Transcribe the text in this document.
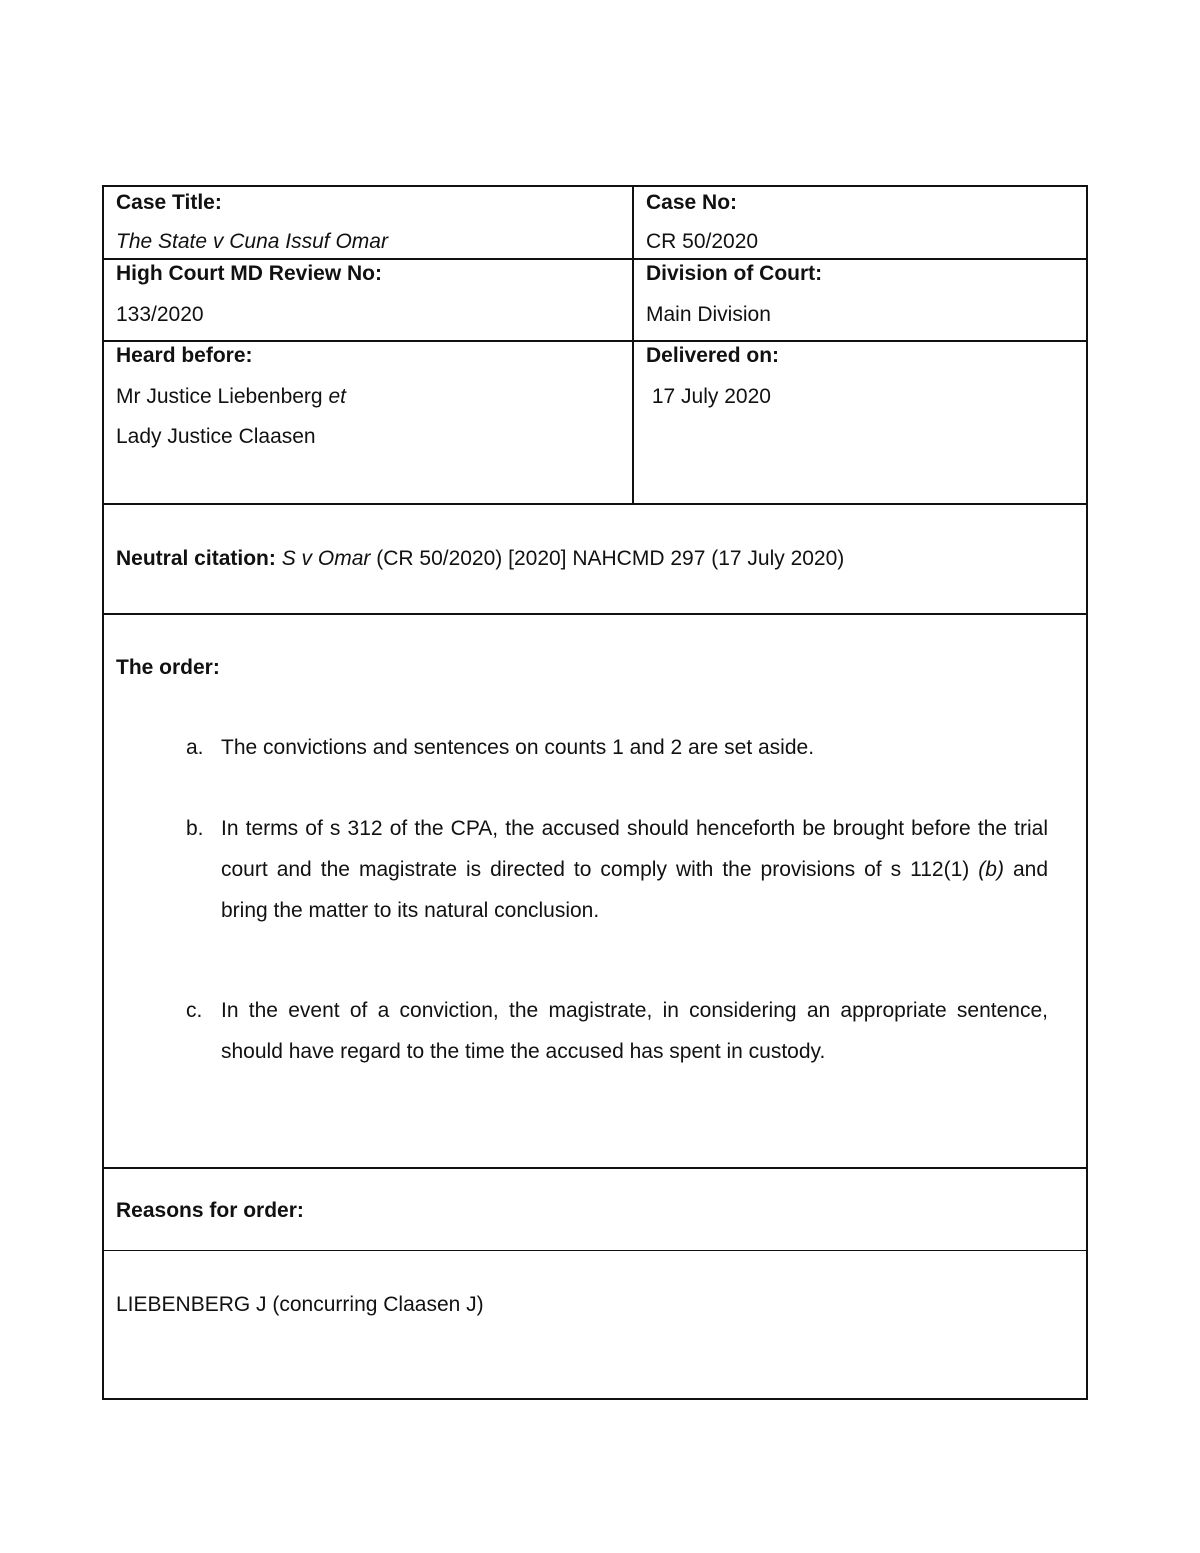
Case Title:
The State v Cuna Issuf Omar
Case No:
CR 50/2020
High Court MD Review No:
133/2020
Division of Court:
Main Division
Heard before:
Mr Justice Liebenberg et
Lady Justice Claasen
Delivered on:
17 July 2020
Neutral citation: S v Omar (CR 50/2020) [2020] NAHCMD 297 (17 July 2020)
The order:
a. The convictions and sentences on counts 1 and 2 are set aside.
b. In terms of s 312 of the CPA, the accused should henceforth be brought before the trial court and the magistrate is directed to comply with the provisions of s 112(1) (b) and bring the matter to its natural conclusion.
c. In the event of a conviction, the magistrate, in considering an appropriate sentence, should have regard to the time the accused has spent in custody.
Reasons for order:
LIEBENBERG J (concurring Claasen J)
